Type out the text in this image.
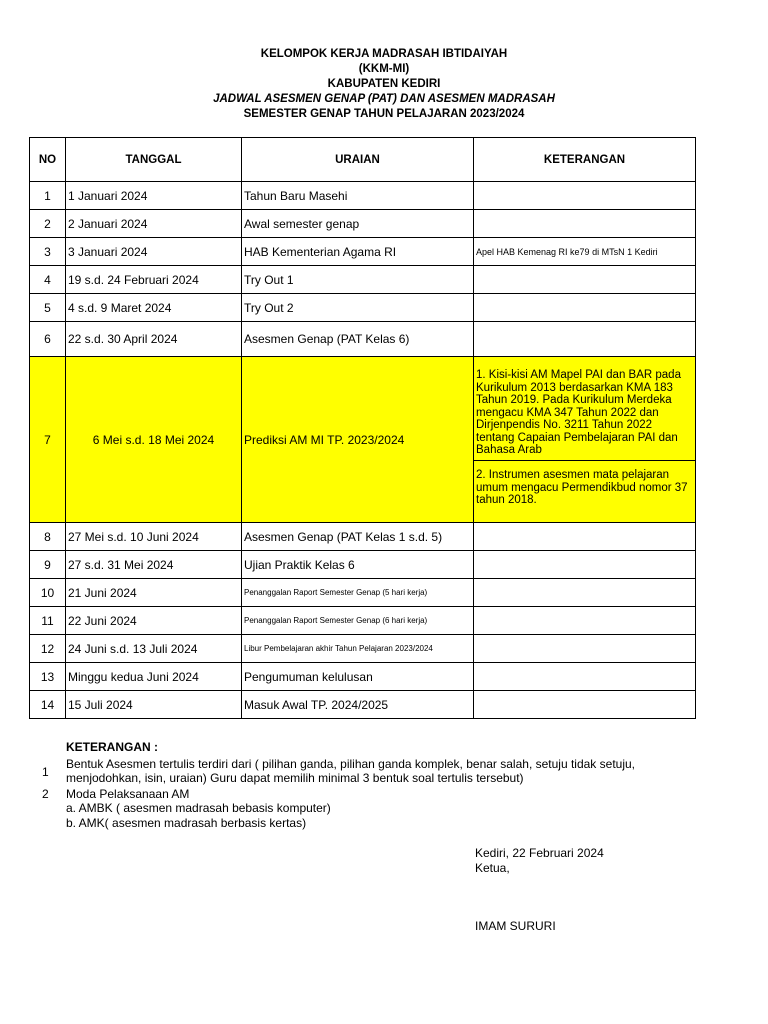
KELOMPOK KERJA MADRASAH IBTIDAIYAH
(KKM-MI)
KABUPATEN KEDIRI
JADWAL ASESMEN GENAP (PAT) DAN ASESMEN MADRASAH
SEMESTER GENAP TAHUN PELAJARAN 2023/2024
NO	TANGGAL	URAIAN	KETERANGAN
1	1 Januari 2024	Tahun Baru Masehi	
2	2 Januari 2024	Awal semester genap	
3	3 Januari 2024	HAB Kementerian Agama RI	Apel HAB Kemenag RI ke79 di MTsN 1 Kediri
4	19 s.d. 24 Februari 2024	Try Out 1	
5	4 s.d. 9 Maret 2024	Try Out 2	
6	22 s.d. 30 April 2024	Asesmen Genap (PAT Kelas 6)	
7	6 Mei s.d. 18 Mei 2024	Prediksi AM MI TP. 2023/2024	1. Kisi-kisi AM Mapel PAI dan BAR pada Kurikulum 2013 berdasarkan KMA 183 Tahun 2019. Pada Kurikulum Merdeka mengacu KMA 347 Tahun 2022 dan Dirjenpendis No. 3211 Tahun 2022 tentang Capaian Pembelajaran PAI dan Bahasa Arab
2. Instrumen asesmen mata pelajaran umum mengacu Permendikbud nomor 37 tahun 2018.

8	27 Mei s.d. 10 Juni 2024	Asesmen Genap (PAT Kelas 1 s.d. 5)	
9	27 s.d. 31 Mei 2024	Ujian Praktik Kelas 6	
10	21 Juni 2024	Penanggalan Raport Semester Genap (5 hari kerja)	
11	22 Juni 2024	Penanggalan Raport Semester Genap (6 hari kerja)	
12	24 Juni s.d. 13 Juli 2024	Libur Pembelajaran akhir Tahun Pelajaran 2023/2024	
13	Minggu kedua Juni 2024	Pengumuman kelulusan	
14	15 Juli 2024	Masuk Awal TP. 2024/2025	
KETERANGAN :
1
Bentuk Asesmen tertulis terdiri dari ( pilihan ganda, pilihan ganda komplek, benar salah, setuju tidak setuju, menjodohkan, isin, uraian) Guru dapat memilih minimal 3 bentuk soal tertulis tersebut)
2 Moda Pelaksanaan AM
a. AMBK ( asesmen madrasah bebasis komputer)
b. AMK( asesmen madrasah berbasis kertas)
Kediri, 22 Februari 2024
Ketua,
IMAM SURURI
